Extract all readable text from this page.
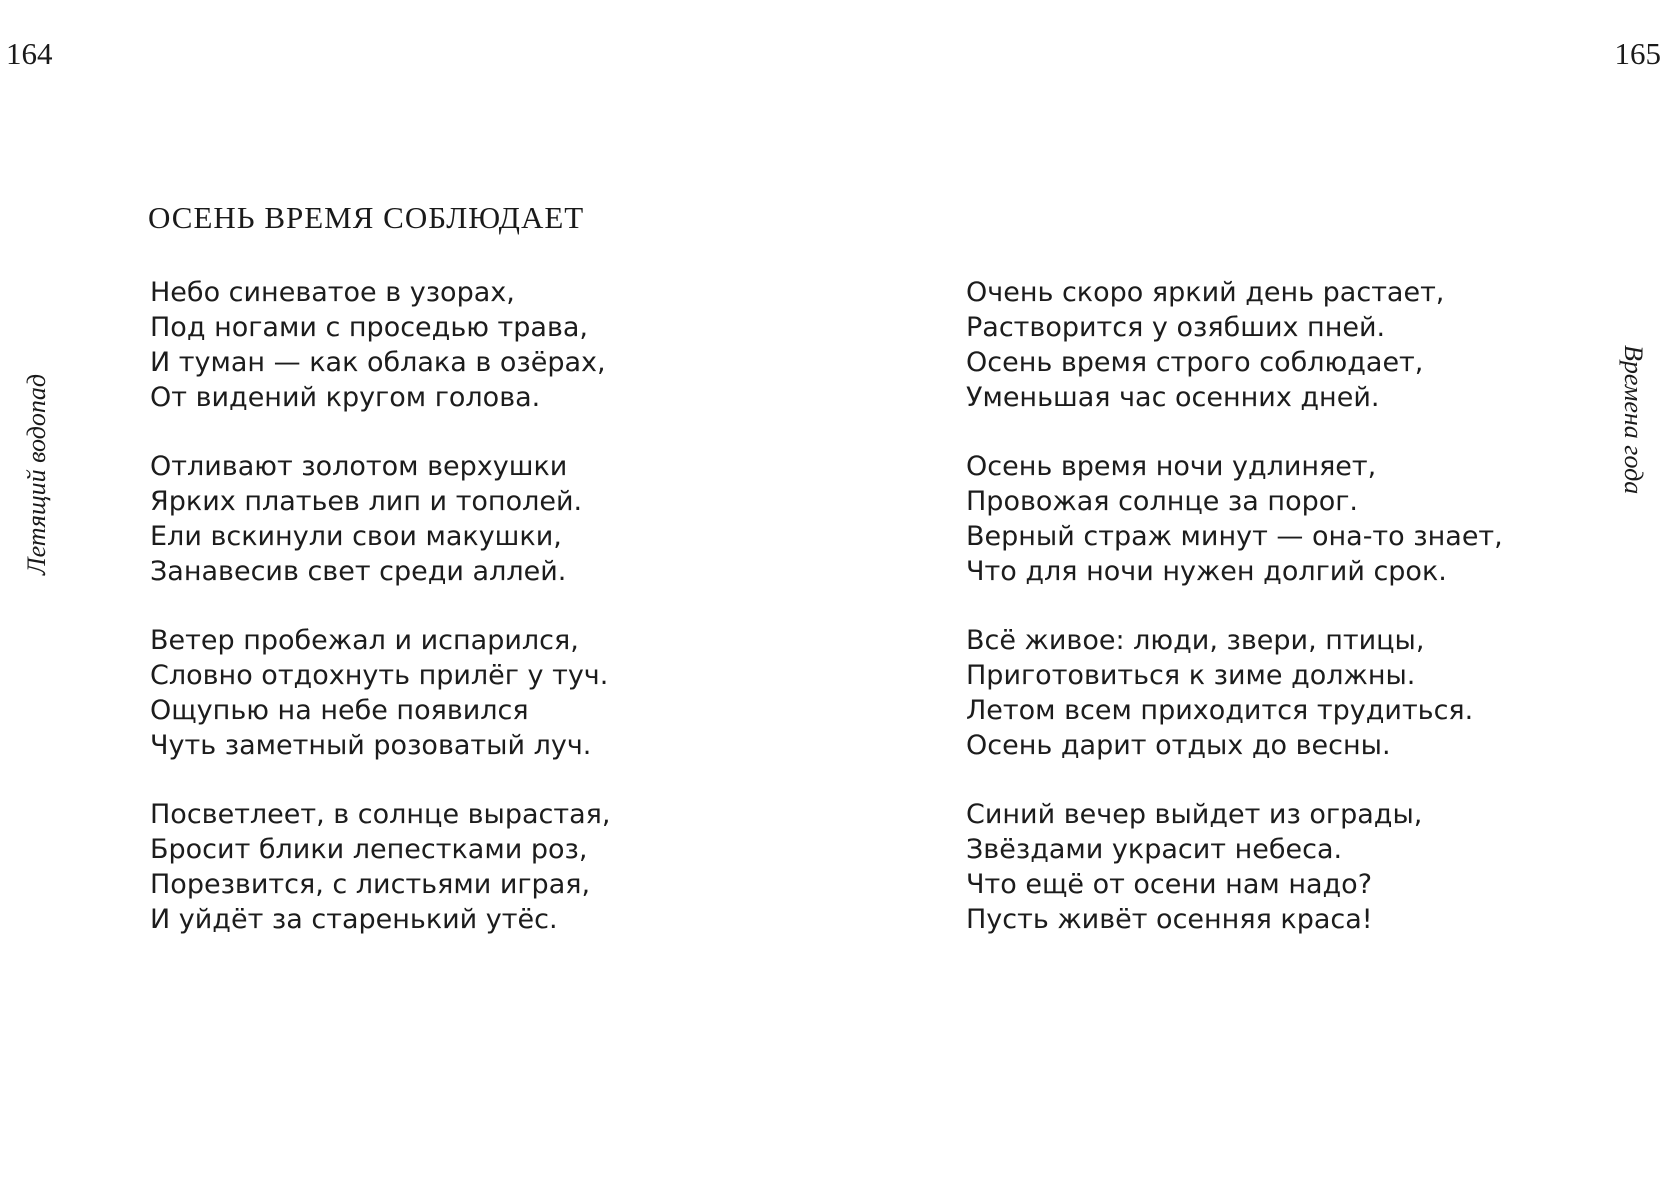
164	165
Летящий водопад	Времена года
ОСЕНЬ ВРЕМЯ СОБЛЮДАЕТ
Небо синеватое в узорах,
Под ногами с проседью трава,
И туман — как облака в озёрах,
От видений кругом голова.
Отливают золотом верхушки
Ярких платьев лип и тополей.
Ели вскинули свои макушки,
Занавесив свет среди аллей.
Ветер пробежал и испарился,
Словно отдохнуть прилёг у туч.
Ощупью на небе появился
Чуть заметный розоватый луч.
Посветлеет, в солнце вырастая,
Бросит блики лепестками роз,
Порезвится, с листьями играя,
И уйдёт за старенький утёс.
Очень скоро яркий день растает,
Растворится у озябших пней.
Осень время строго соблюдает,
Уменьшая час осенних дней.
Осень время ночи удлиняет,
Провожая солнце за порог.
Верный страж минут — она-то знает,
Что для ночи нужен долгий срок.
Всё живое: люди, звери, птицы,
Приготовиться к зиме должны.
Летом всем приходится трудиться.
Осень дарит отдых до весны.
Синий вечер выйдет из ограды,
Звёздами украсит небеса.
Что ещё от осени нам надо?
Пусть живёт осенняя краса!
